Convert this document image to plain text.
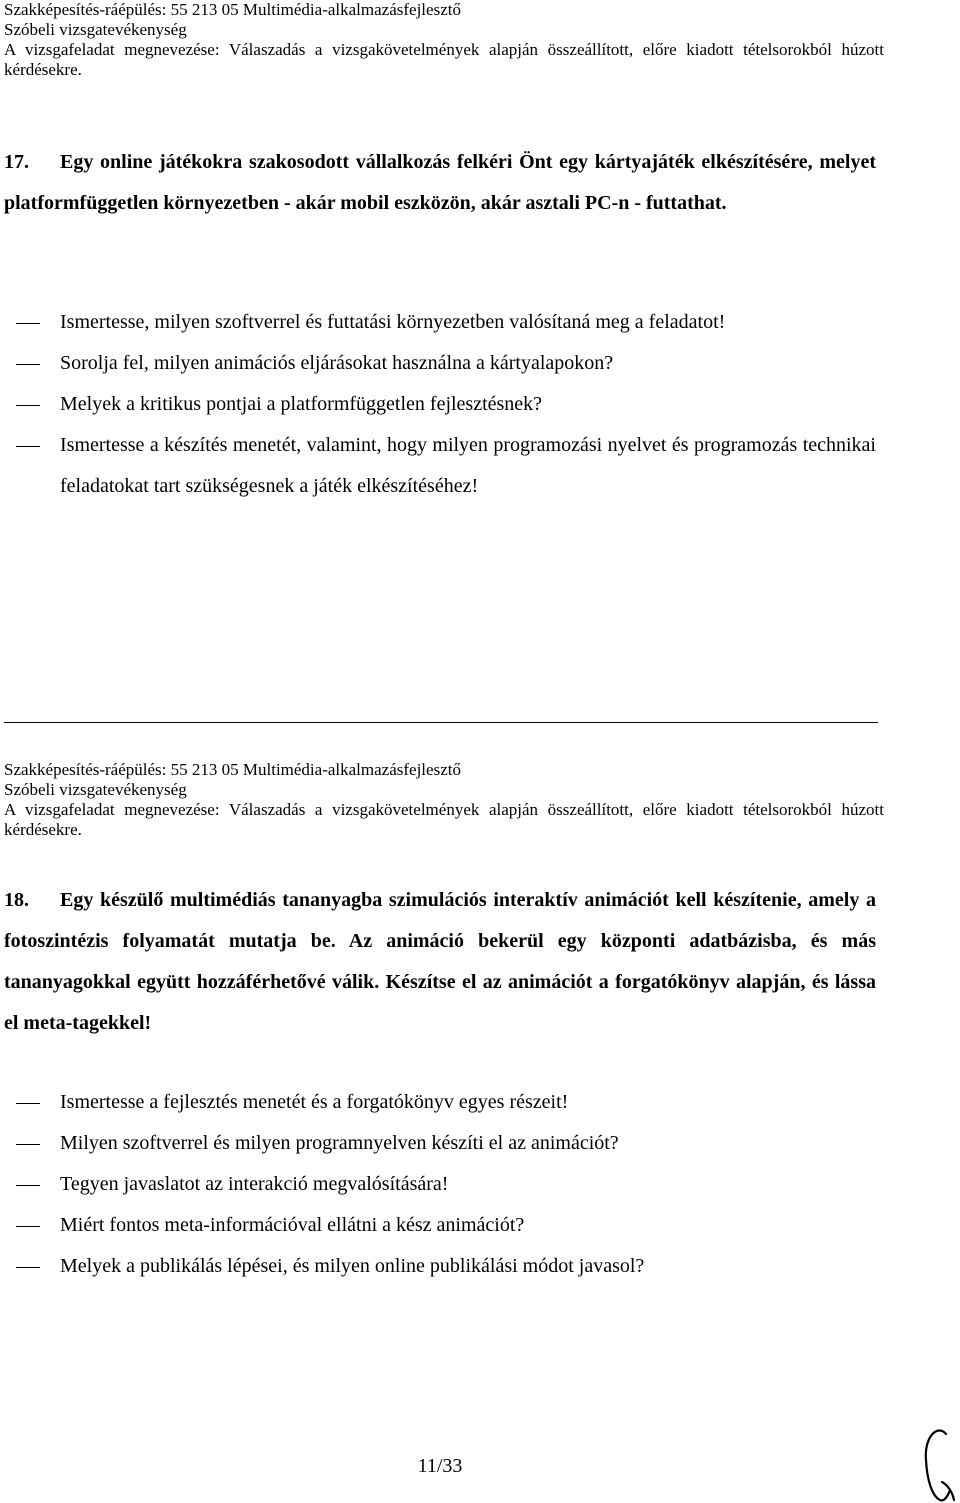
Szakképesítés-ráépülés: 55 213 05 Multimédia-alkalmazásfejlesztő
Szóbeli vizsgatevékenység
A vizsgafeladat megnevezése: Válaszadás a vizsgakövetelmények alapján összeállított, előre kiadott tételsorokból húzott kérdésekre.
17. Egy online játékokra szakosodott vállalkozás felkéri Önt egy kártyajáték elkészítésére, melyet platformfüggetlen környezetben - akár mobil eszközön, akár asztali PC-n - futtathat.
Ismertesse, milyen szoftverrel és futtatási környezetben valósítaná meg a feladatot!
Sorolja fel, milyen animációs eljárásokat használna a kártyalapokon?
Melyek a kritikus pontjai a platformfüggetlen fejlesztésnek?
Ismertesse a készítés menetét, valamint, hogy milyen programozási nyelvet és programozás technikai feladatokat tart szükségesnek a játék elkészítéséhez!
Szakképesítés-ráépülés: 55 213 05 Multimédia-alkalmazásfejlesztő
Szóbeli vizsgatevékenység
A vizsgafeladat megnevezése: Válaszadás a vizsgakövetelmények alapján összeállított, előre kiadott tételsorokból húzott kérdésekre.
18. Egy készülő multimédiás tananyagba szimulációs interaktív animációt kell készítenie, amely a fotoszintézis folyamatát mutatja be. Az animáció bekerül egy központi adatbázisba, és más tananyagokkal együtt hozzáférhetővé válik. Készítse el az animációt a forgatókönyv alapján, és lássa el meta-tagekkel!
Ismertesse a fejlesztés menetét és a forgatókönyv egyes részeit!
Milyen szoftverrel és milyen programnyelven készíti el az animációt?
Tegyen javaslatot az interakció megvalósítására!
Miért fontos meta-információval ellátni a kész animációt?
Melyek a publikálás lépései, és milyen online publikálási módot javasol?
11/33
